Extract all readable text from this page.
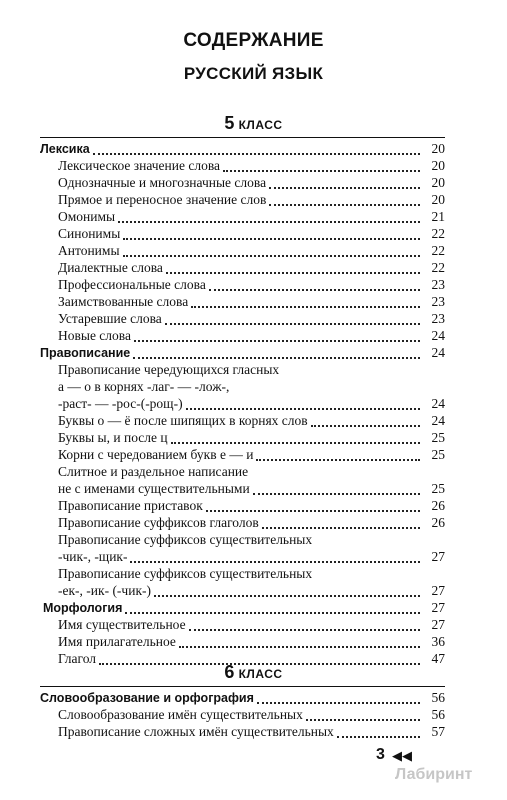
СОДЕРЖАНИЕ
РУССКИЙ ЯЗЫК
5 КЛАСС
Лексика	20
Лексическое значение слова	20
Однозначные и многозначные слова	20
Прямое и переносное значение слов	20
Омонимы	21
Синонимы	22
Антонимы	22
Диалектные слова	22
Профессиональные слова	23
Заимствованные слова	23
Устаревшие слова	23
Новые слова	24
Правописание	24
Правописание чередующихся гласных
а — о в корнях -лаг- — -лож-,
-раст- — -рос-(-рощ-)	24
Буквы о — ё после шипящих в корнях слов	24
Буквы ы, и после ц	25
Корни с чередованием букв е — и	25
Слитное и раздельное написание
не с именами существительными	25
Правописание приставок	26
Правописание суффиксов глаголов	26
Правописание суффиксов существительных
-чик-, -щик-	27
Правописание суффиксов существительных
-ек-, -ик- (-чик-)	27
Морфология	27
Имя существительное	27
Имя прилагательное	36
Глагол	47
6 КЛАСС
Словообразование и орфография	56
Словообразование имён существительных	56
Правописание сложных имён существительных	57
3 ◀◀
Лабиринт
